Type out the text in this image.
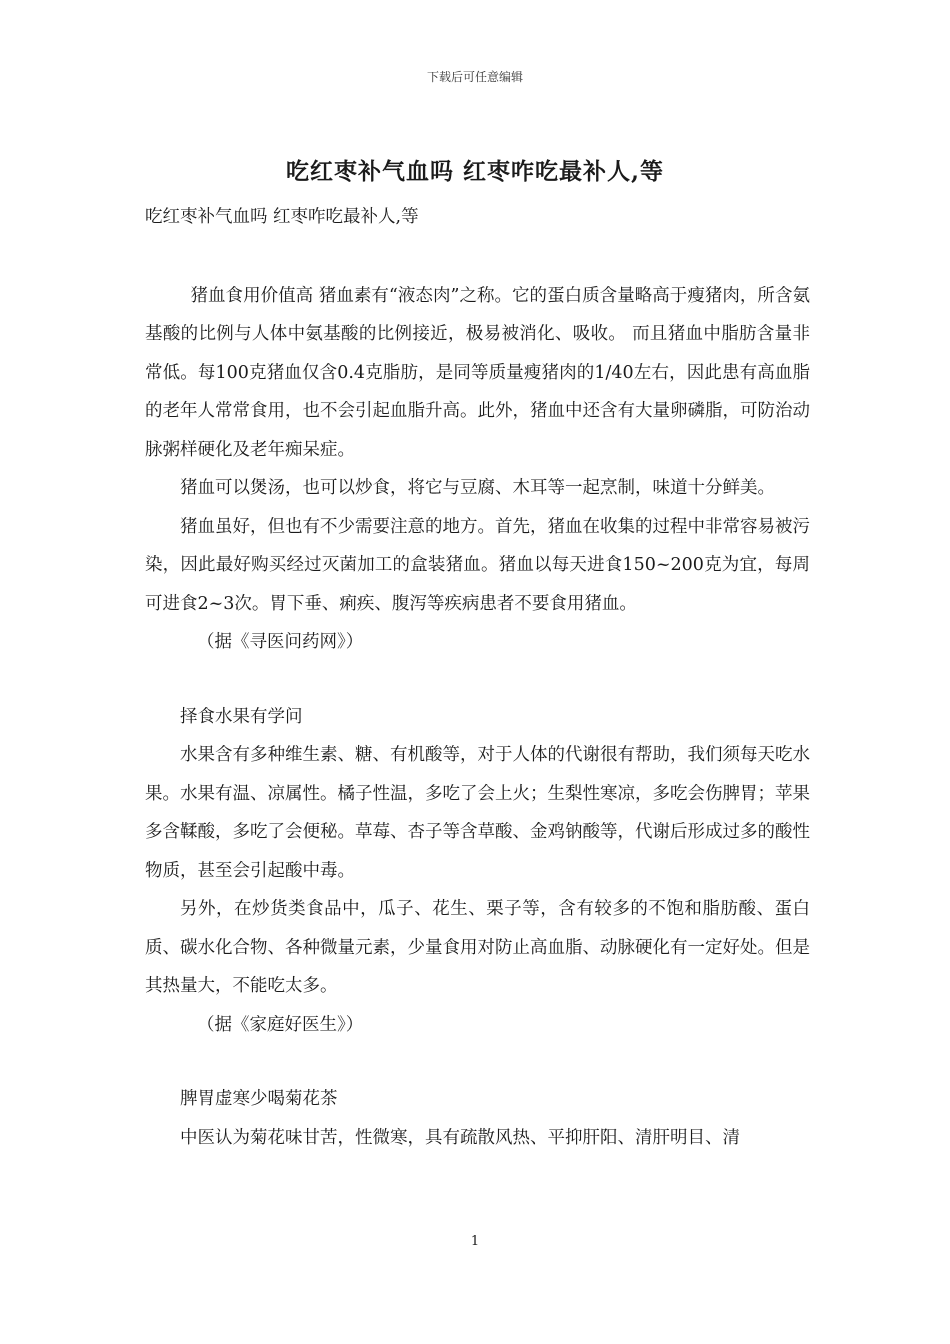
下载后可任意编辑
吃红枣补气血吗 红枣咋吃最补人,等

吃红枣补气血吗 红枣咋吃最补人,等

猪血食用价值高 猪血素有“液态肉”之称。它的蛋白质含量略高于瘦猪肉，所含氨基酸的比例与人体中氨基酸的比例接近，极易被消化、吸收。 而且猪血中脂肪含量非常低。每100克猪血仅含0.4克脂肪，是同等质量瘦猪肉的1/40左右，因此患有高血脂的老年人常常食用，也不会引起血脂升高。此外，猪血中还含有大量卵磷脂，可防治动脉粥样硬化及老年痴呆症。

猪血可以煲汤，也可以炒食，将它与豆腐、木耳等一起烹制，味道十分鲜美。

猪血虽好，但也有不少需要注意的地方。首先，猪血在收集的过程中非常容易被污染，因此最好购买经过灭菌加工的盒装猪血。猪血以每天进食150~200克为宜，每周可进食2~3次。胃下垂、痢疾、腹泻等疾病患者不要食用猪血。

（据《寻医问药网》）

择食水果有学问

水果含有多种维生素、糖、有机酸等，对于人体的代谢很有帮助，我们须每天吃水果。水果有温、凉属性。橘子性温，多吃了会上火；生梨性寒凉，多吃会伤脾胃；苹果多含鞣酸，多吃了会便秘。草莓、杏子等含草酸、金鸡钠酸等，代谢后形成过多的酸性物质，甚至会引起酸中毒。

另外，在炒货类食品中，瓜子、花生、栗子等，含有较多的不饱和脂肪酸、蛋白质、碳水化合物、各种微量元素，少量食用对防止高血脂、动脉硬化有一定好处。但是其热量大，不能吃太多。

（据《家庭好医生》）

脾胃虚寒少喝菊花茶

中医认为菊花味甘苦，性微寒，具有疏散风热、平抑肝阳、清肝明目、清

1
